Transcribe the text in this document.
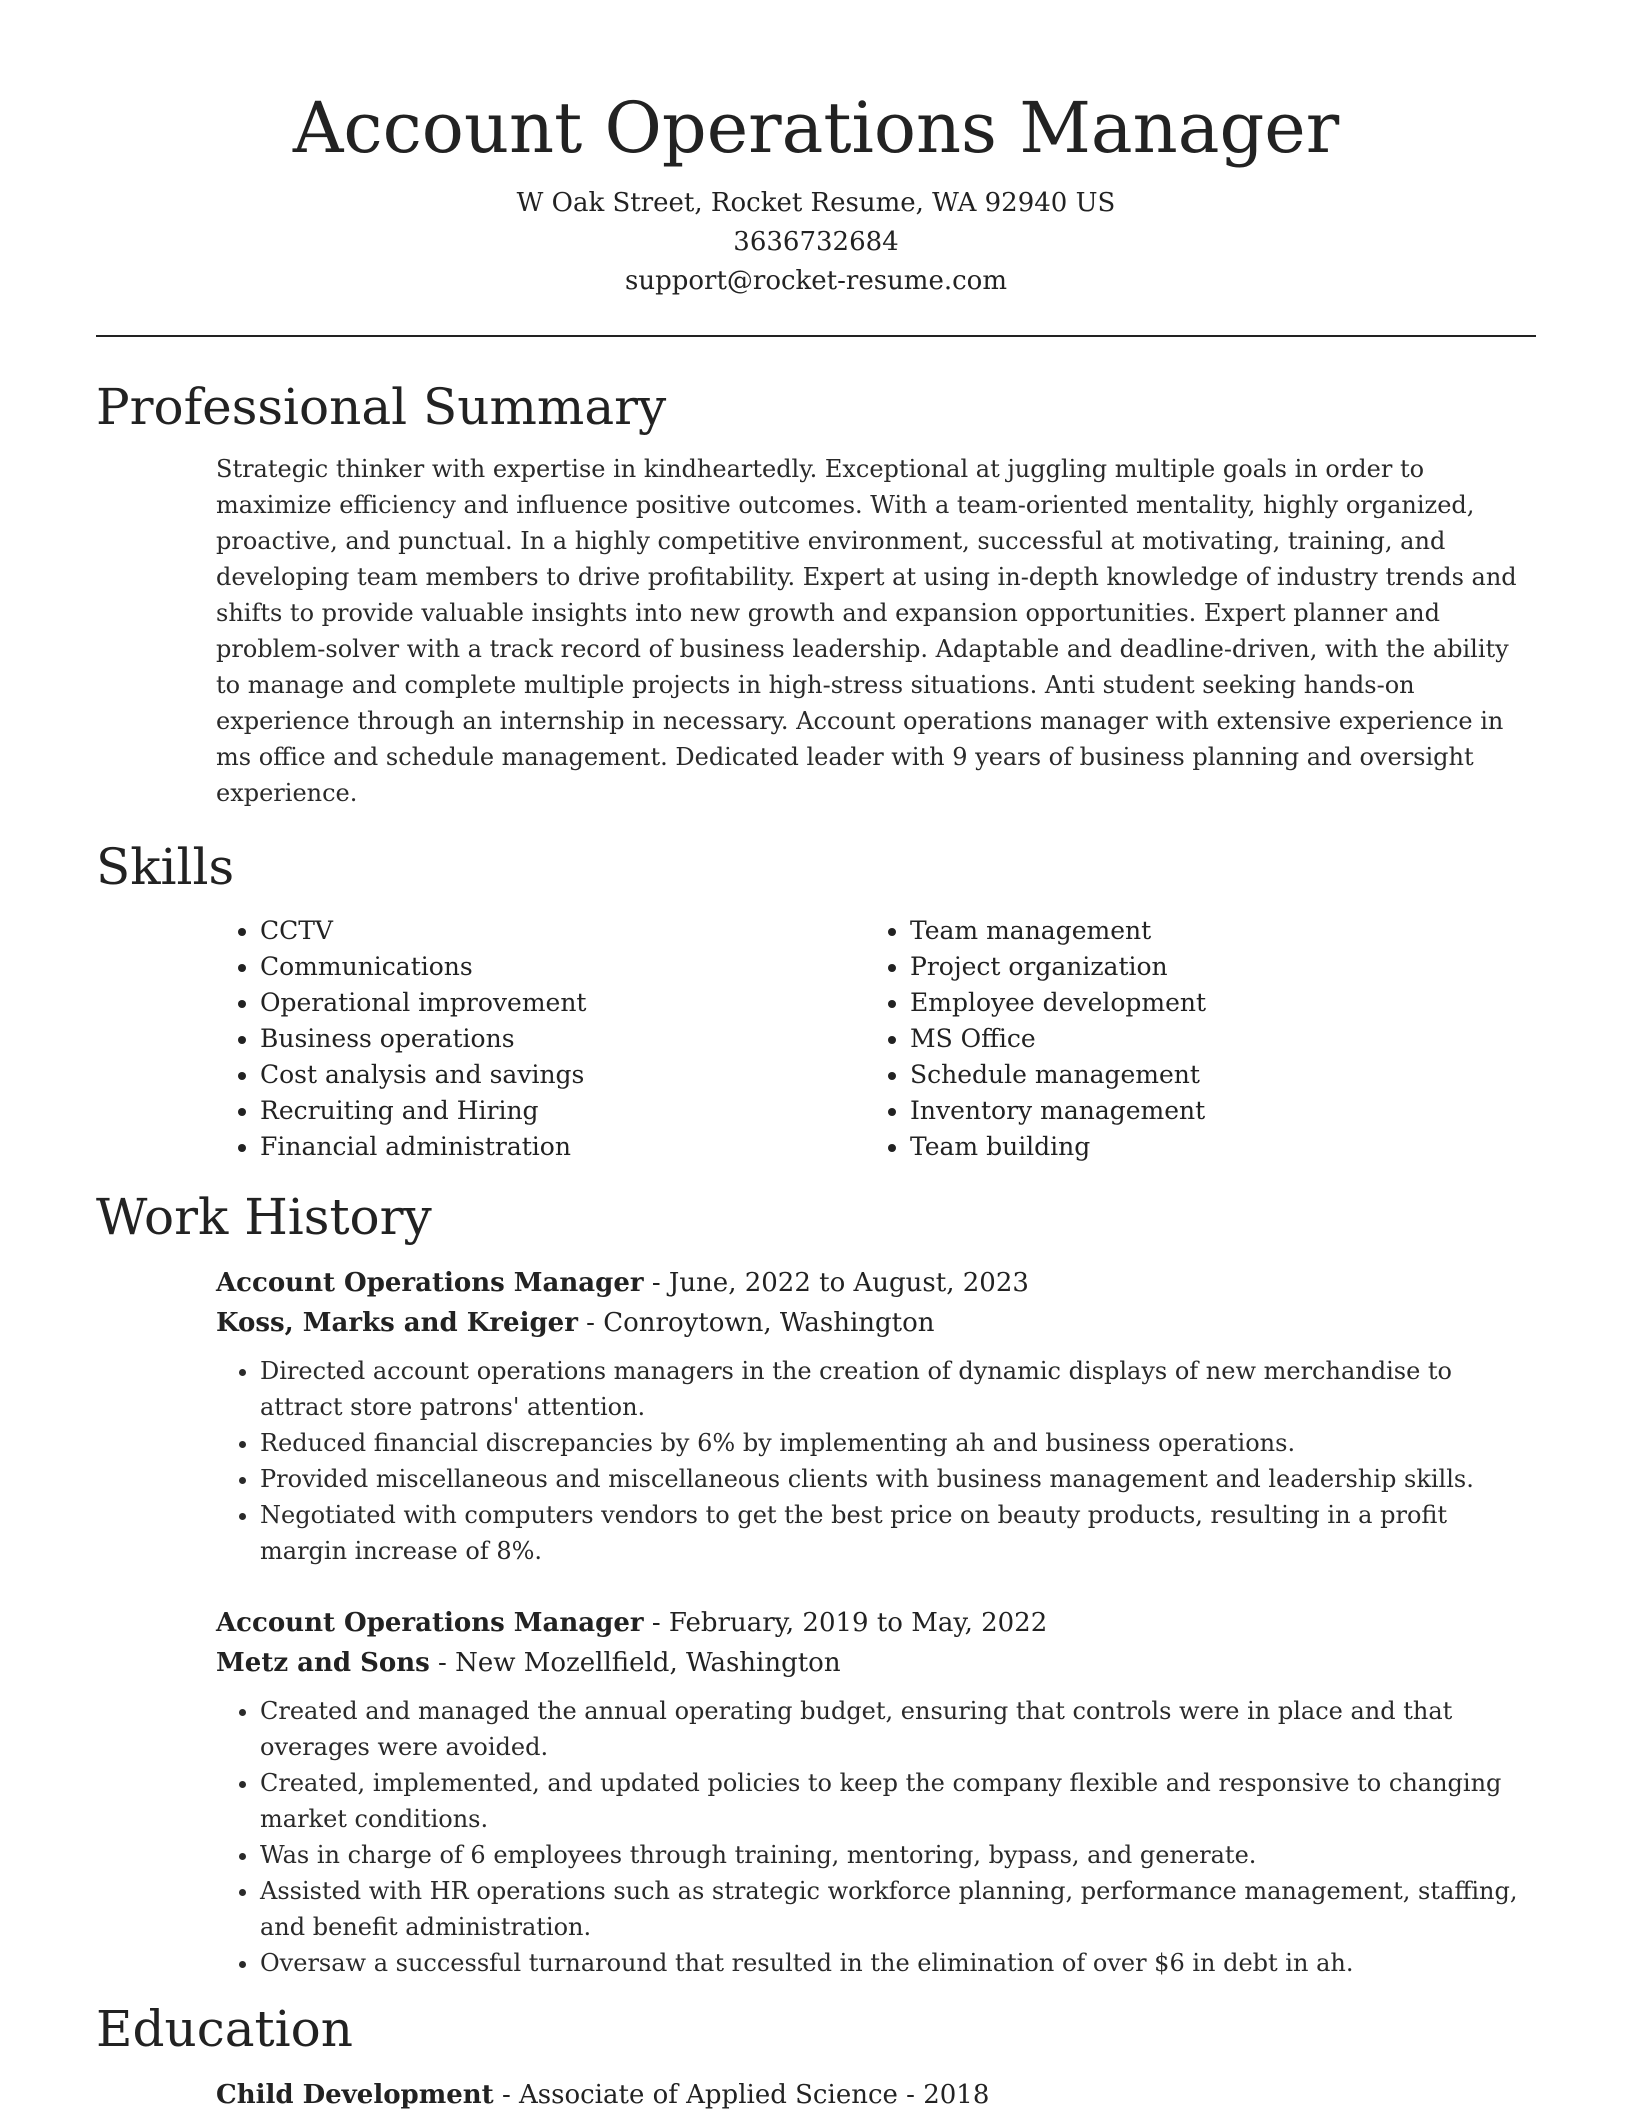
Account Operations Manager

W Oak Street, Rocket Resume, WA 92940 US

3636732684

support@rocket-resume.com

Professional Summary

Strategic thinker with expertise in kindheartedly. Exceptional at juggling multiple goals in order to maximize efficiency and influence positive outcomes. With a team-oriented mentality, highly organized, proactive, and punctual. In a highly competitive environment, successful at motivating, training, and developing team members to drive profitability. Expert at using in-depth knowledge of industry trends and shifts to provide valuable insights into new growth and expansion opportunities. Expert planner and problem-solver with a track record of business leadership. Adaptable and deadline-driven, with the ability to manage and complete multiple projects in high-stress situations. Anti student seeking hands-on experience through an internship in necessary. Account operations manager with extensive experience in ms office and schedule management. Dedicated leader with 9 years of business planning and oversight experience.

Skills
• CCTV
• Communications
• Operational improvement
• Business operations
• Cost analysis and savings
• Recruiting and Hiring
• Financial administration
• Team management
• Project organization
• Employee development
• MS Office
• Schedule management
• Inventory management
• Team building
Work History

Account Operations Manager - June, 2022 to August, 2023

Koss, Marks and Kreiger - Conroytown, Washington

• Directed account operations managers in the creation of dynamic displays of new merchandise to attract store patrons' attention.
• Reduced financial discrepancies by 6% by implementing ah and business operations.
• Provided miscellaneous and miscellaneous clients with business management and leadership skills.
• Negotiated with computers vendors to get the best price on beauty products, resulting in a profit margin increase of 8%.

Account Operations Manager - February, 2019 to May, 2022

Metz and Sons - New Mozellfield, Washington

• Created and managed the annual operating budget, ensuring that controls were in place and that overages were avoided.
• Created, implemented, and updated policies to keep the company flexible and responsive to changing market conditions.
• Was in charge of 6 employees through training, mentoring, bypass, and generate.
• Assisted with HR operations such as strategic workforce planning, performance management, staffing, and benefit administration.
• Oversaw a successful turnaround that resulted in the elimination of over $6 in debt in ah.
Education

Child Development - Associate of Applied Science - 2018
